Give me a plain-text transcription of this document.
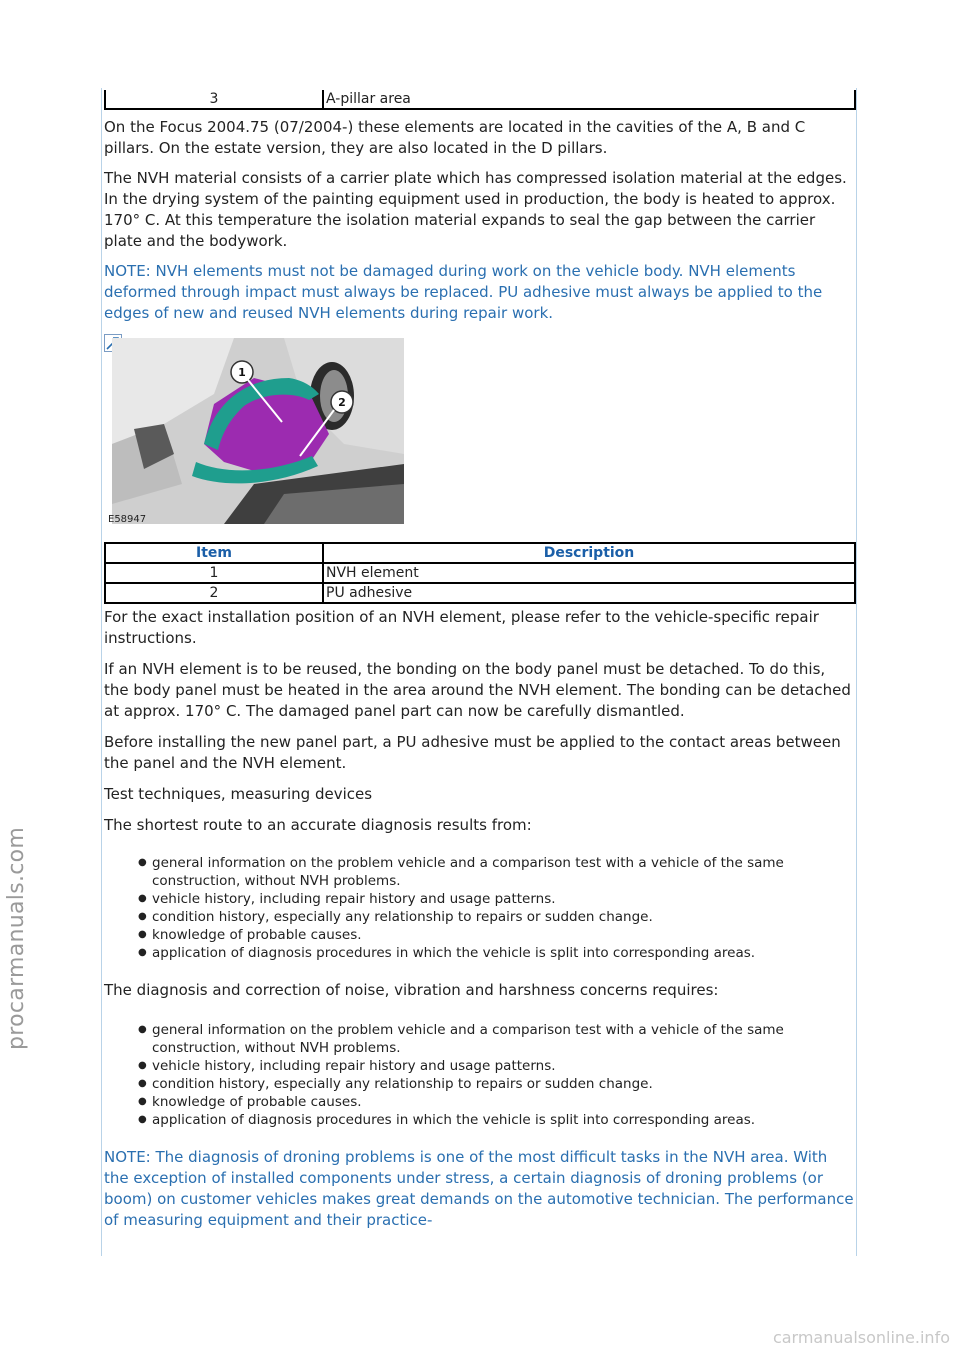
procarmanuals.com
carmanualsonline.info
3	A-pillar area

On the Focus 2004.75 (07/2004-) these elements are located in the cavities of the A, B and C pillars. On the estate version, they are also located in the D pillars.

The NVH material consists of a carrier plate which has compressed isolation material at the edges. In the drying system of the painting equipment used in production, the body is heated to approx. 170° C. At this temperature the isolation material expands to seal the gap between the carrier plate and the bodywork.

NOTE: NVH elements must not be damaged during work on the vehicle body. NVH elements deformed through impact must always be replaced. PU adhesive must always be applied to the edges of new and reused NVH elements during repair work.

Item	Description
1	NVH element
2	PU adhesive

For the exact installation position of an NVH element, please refer to the vehicle-specific repair instructions.

If an NVH element is to be reused, the bonding on the body panel must be detached. To do this, the body panel must be heated in the area around the NVH element. The bonding can be detached at approx. 170° C. The damaged panel part can now be carefully dismantled.

Before installing the new panel part, a PU adhesive must be applied to the contact areas between the panel and the NVH element.

Test techniques, measuring devices

The shortest route to an accurate diagnosis results from:

● general information on the problem vehicle and a comparison test with a vehicle of the same construction, without NVH problems.
● vehicle history, including repair history and usage patterns.
● condition history, especially any relationship to repairs or sudden change.
● knowledge of probable causes.
● application of diagnosis procedures in which the vehicle is split into corresponding areas.

The diagnosis and correction of noise, vibration and harshness concerns requires:

● general information on the problem vehicle and a comparison test with a vehicle of the same construction, without NVH problems.
● vehicle history, including repair history and usage patterns.
● condition history, especially any relationship to repairs or sudden change.
● knowledge of probable causes.
● application of diagnosis procedures in which the vehicle is split into corresponding areas.

NOTE: The diagnosis of droning problems is one of the most difficult tasks in the NVH area. With the exception of installed components under stress, a certain diagnosis of droning problems (or boom) on customer vehicles makes great demands on the automotive technician. The performance of measuring equipment and their practice-

1
2
E58947
